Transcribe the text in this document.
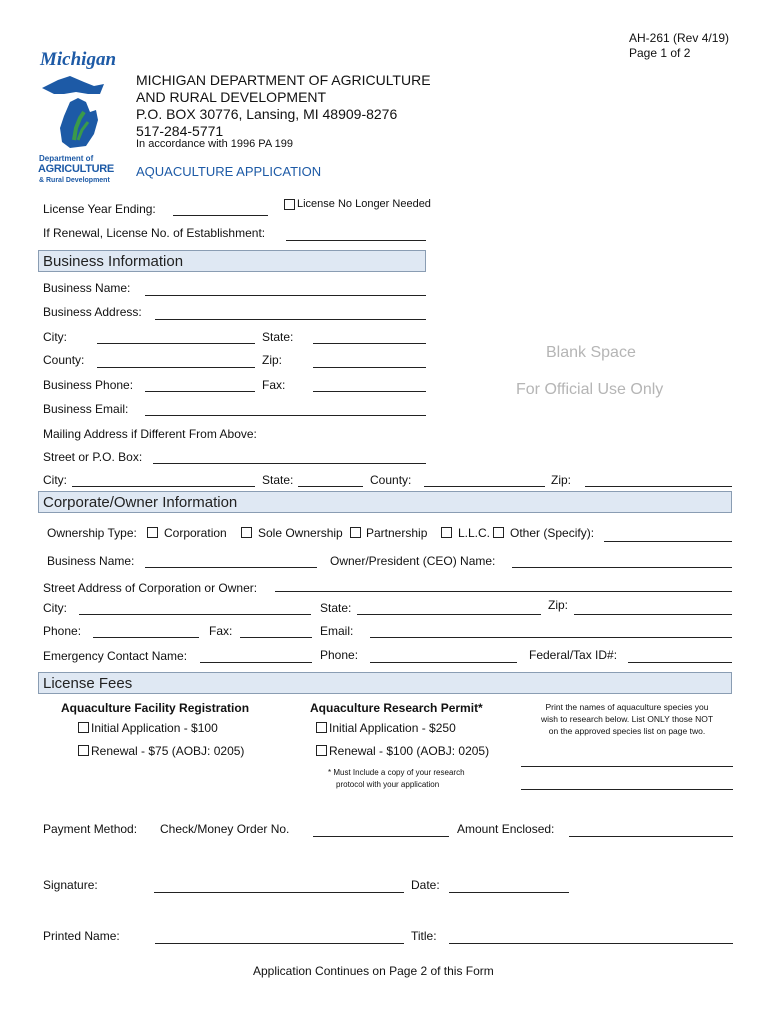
AH-261 (Rev 4/19)
Page 1 of 2
Michigan
Department of
AGRICULTURE
& Rural Development
MICHIGAN DEPARTMENT OF AGRICULTURE
AND RURAL DEVELOPMENT
P.O. BOX 30776, Lansing, MI 48909-8276
517-284-5771
In accordance with 1996 PA 199
AQUACULTURE APPLICATION
License Year Ending:	License No Longer Needed
If Renewal, License No. of Establishment:
Business Information
Business Name:
Business Address:
City:	State:
County:	Zip:
Business Phone:	Fax:
Business Email:
Mailing Address if Different From Above:
Street or P.O. Box:
City:	State:	County:	Zip:
Blank Space
For Official Use Only
Corporate/Owner Information
Ownership Type: Corporation	Sole Ownership Partnership	L.L.C. Other (Specify):
Business Name:	Owner/President (CEO) Name:
Street Address of Corporation or Owner:
City:	State:	Zip:
Phone:	Fax:	Email:
Emergency Contact Name:	Phone:	Federal/Tax ID#:
License Fees
Aquaculture Facility Registration
Initial Application - $100
Renewal - $75 (AOBJ: 0205)
Aquaculture Research Permit*
Initial Application - $250
Renewal - $100 (AOBJ: 0205)
* Must Include a copy of your research
protocol with your application
Print the names of aquaculture species you
wish to research below. List ONLY those NOT
on the approved species list on page two.
Payment Method: Check/Money Order No.	Amount Enclosed:
Signature:	Date:
Printed Name:	Title:
Application Continues on Page 2 of this Form
